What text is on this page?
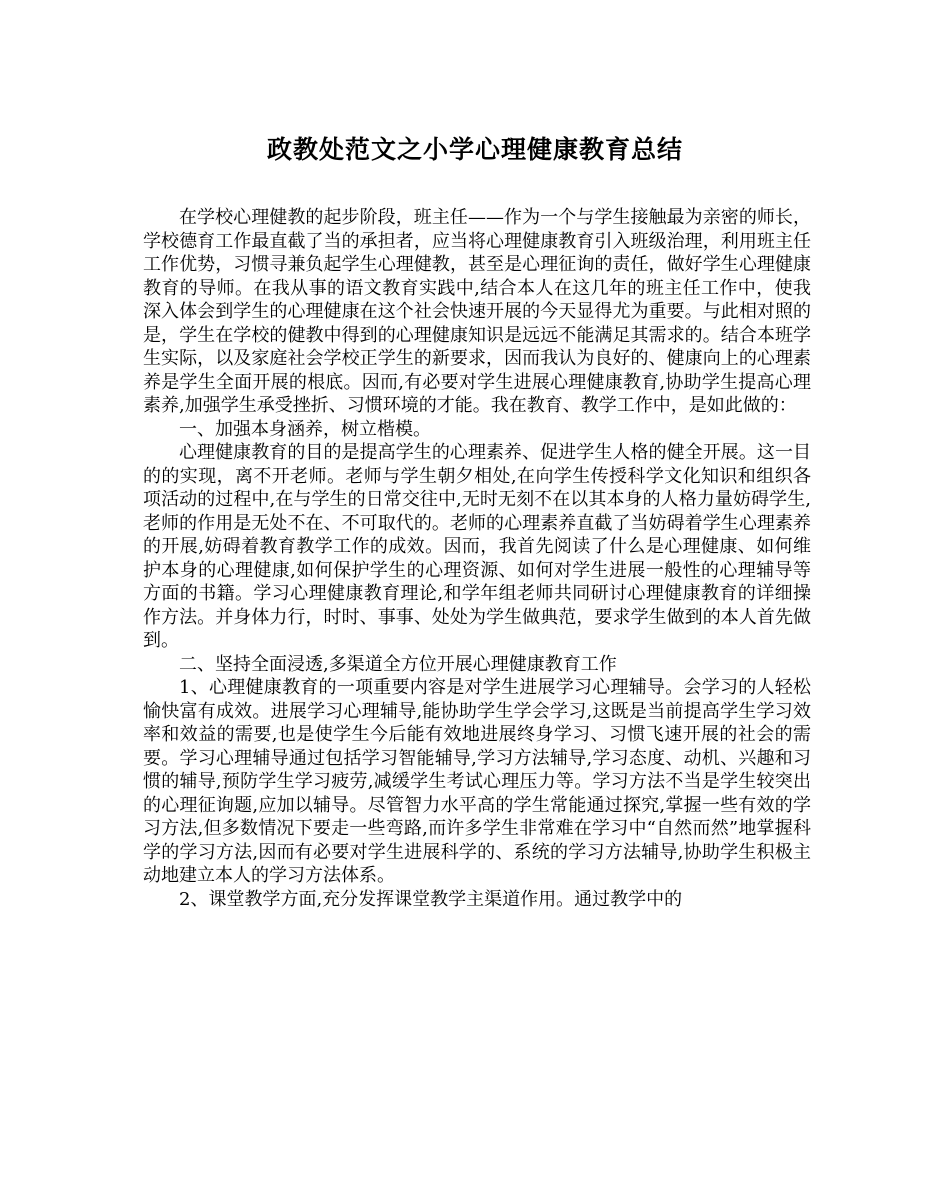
政教处范文之小学心理健康教育总结

在学校心理健教的起步阶段，班主任——作为一个与学生接触最为亲密的师长，学校德育工作最直截了当的承担者，应当将心理健康教育引入班级治理，利用班主任工作优势，习惯寻兼负起学生心理健教，甚至是心理征询的责任，做好学生心理健康教育的导师。在我从事的语文教育实践中,结合本人在这几年的班主任工作中，使我深入体会到学生的心理健康在这个社会快速开展的今天显得尤为重要。与此相对照的是，学生在学校的健教中得到的心理健康知识是远远不能满足其需求的。结合本班学生实际，以及家庭社会学校正学生的新要求，因而我认为良好的、健康向上的心理素养是学生全面开展的根底。因而,有必要对学生进展心理健康教育,协助学生提高心理素养,加强学生承受挫折、习惯环境的才能。我在教育、教学工作中，是如此做的：

一、加强本身涵养，树立楷模。

心理健康教育的目的是提高学生的心理素养、促进学生人格的健全开展。这一目的的实现，离不开老师。老师与学生朝夕相处,在向学生传授科学文化知识和组织各项活动的过程中,在与学生的日常交往中,无时无刻不在以其本身的人格力量妨碍学生,老师的作用是无处不在、不可取代的。老师的心理素养直截了当妨碍着学生心理素养的开展,妨碍着教育教学工作的成效。因而，我首先阅读了什么是心理健康、如何维护本身的心理健康,如何保护学生的心理资源、如何对学生进展一般性的心理辅导等方面的书籍。学习心理健康教育理论,和学年组老师共同研讨心理健康教育的详细操作方法。并身体力行，时时、事事、处处为学生做典范，要求学生做到的本人首先做到。

二、坚持全面浸透,多渠道全方位开展心理健康教育工作

1、心理健康教育的一项重要内容是对学生进展学习心理辅导。会学习的人轻松愉快富有成效。进展学习心理辅导,能协助学生学会学习,这既是当前提高学生学习效率和效益的需要,也是使学生今后能有效地进展终身学习、习惯飞速开展的社会的需要。学习心理辅导通过包括学习智能辅导,学习方法辅导,学习态度、动机、兴趣和习惯的辅导,预防学生学习疲劳,减缓学生考试心理压力等。学习方法不当是学生较突出的心理征询题,应加以辅导。尽管智力水平高的学生常能通过探究,掌握一些有效的学习方法,但多数情况下要走一些弯路,而许多学生非常难在学习中“自然而然”地掌握科学的学习方法,因而有必要对学生进展科学的、系统的学习方法辅导,协助学生积极主动地建立本人的学习方法体系。

2、课堂教学方面,充分发挥课堂教学主渠道作用。通过教学中的
